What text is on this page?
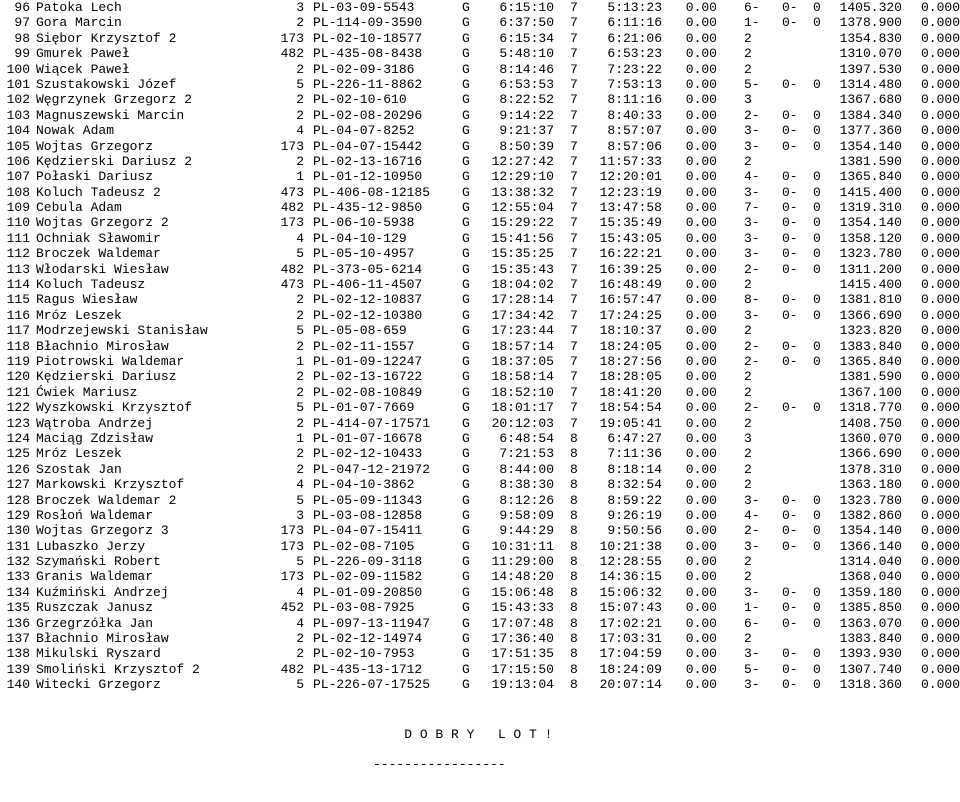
96 Patoka Lech	3 PL-03-09-5543	G	6:15:10 7	5:13:23	0.00 6- 0- 0	1405.320	0.000
97 Gora Marcin	2 PL-114-09-3590	G	6:37:50 7	6:11:16	0.00 1- 0- 0	1378.900	0.000
98 Siębor Krzysztof 2	173 PL-02-10-18577	G	6:15:34 7	6:21:06	0.00 2	1354.830	0.000
99 Gmurek Paweł	482 PL-435-08-8438	G	5:48:10 7	6:53:23	0.00 2	1310.070	0.000
100 Wiącek Paweł	2 PL-02-09-3186	G	8:14:46 7	7:23:22	0.00 2	1397.530	0.000
101 Szustakowski Józef	5 PL-226-11-8862	G	6:53:53 7	7:53:13	0.00 5- 0- 0	1314.480	0.000
102 Węgrzynek Grzegorz 2	2 PL-02-10-610	G	8:22:52 7	8:11:16	0.00 3	1367.680	0.000
103 Magnuszewski Marcin	2 PL-02-08-20296	G	9:14:22 7	8:40:33	0.00 2- 0- 0	1384.340	0.000
104 Nowak Adam	4 PL-04-07-8252	G	9:21:37 7	8:57:07	0.00 3- 0- 0	1377.360	0.000
105 Wojtas Grzegorz	173 PL-04-07-15442	G	8:50:39 7	8:57:06	0.00 3- 0- 0	1354.140	0.000
106 Kędzierski Dariusz 2	2 PL-02-13-16716	G	12:27:42 7	11:57:33	0.00 2	1381.590	0.000
107 Połaski Dariusz	1 PL-01-12-10950	G	12:29:10 7	12:20:01	0.00 4- 0- 0	1365.840	0.000
108 Koluch Tadeusz 2	473 PL-406-08-12185 G	13:38:32 7	12:23:19	0.00 3- 0- 0	1415.400	0.000
109 Cebula Adam	482 PL-435-12-9850	G	12:55:04 7	13:47:58	0.00 7- 0- 0	1319.310	0.000
110 Wojtas Grzegorz 2	173 PL-06-10-5938	G	15:29:22 7	15:35:49	0.00 3- 0- 0	1354.140	0.000
111 Ochniak Sławomir	4 PL-04-10-129	G	15:41:56 7	15:43:05	0.00 3- 0- 0	1358.120	0.000
112 Broczek Waldemar	5 PL-05-10-4957	G	15:35:25 7	16:22:21	0.00 3- 0- 0	1323.780	0.000
113 Włodarski Wiesław	482 PL-373-05-6214	G	15:35:43 7	16:39:25	0.00 2- 0- 0	1311.200	0.000
114 Koluch Tadeusz	473 PL-406-11-4507	G	18:04:02 7	16:48:49	0.00 2	1415.400	0.000
115 Ragus Wiesław	2 PL-02-12-10837	G	17:28:14 7	16:57:47	0.00 8- 0- 0	1381.810	0.000
116 Mróz Leszek	2 PL-02-12-10380	G	17:34:42 7	17:24:25	0.00 3- 0- 0	1366.690	0.000
117 Modrzejewski Stanisław	5 PL-05-08-659	G	17:23:44 7	18:10:37	0.00 2	1323.820	0.000
118 Błachnio Mirosław	2 PL-02-11-1557	G	18:57:14 7	18:24:05	0.00 2- 0- 0	1383.840	0.000
119 Piotrowski Waldemar	1 PL-01-09-12247	G	18:37:05 7	18:27:56	0.00 2- 0- 0	1365.840	0.000
120 Kędzierski Dariusz	2 PL-02-13-16722	G	18:58:14 7	18:28:05	0.00 2	1381.590	0.000
121 Ćwiek Mariusz	2 PL-02-08-10849	G	18:52:10 7	18:41:20	0.00 2	1367.100	0.000
122 Wyszkowski Krzysztof	5 PL-01-07-7669	G	18:01:17 7	18:54:54	0.00 2- 0- 0	1318.770	0.000
123 Wątroba Andrzej	2 PL-414-07-17571 G	20:12:03 7	19:05:41	0.00 2	1408.750	0.000
124 Maciąg Zdzisław	1 PL-01-07-16678	G	6:48:54 8	6:47:27	0.00 3	1360.070	0.000
125 Mróz Leszek	2 PL-02-12-10433	G	7:21:53 8	7:11:36	0.00 2	1366.690	0.000
126 Szostak Jan	2 PL-047-12-21972 G	8:44:00 8	8:18:14	0.00 2	1378.310	0.000
127 Markowski Krzysztof	4 PL-04-10-3862	G	8:38:30 8	8:32:54	0.00 2	1363.180	0.000
128 Broczek Waldemar 2	5 PL-05-09-11343	G	8:12:26 8	8:59:22	0.00 3- 0- 0	1323.780	0.000
129 Rosłoń Waldemar	3 PL-03-08-12858	G	9:58:09 8	9:26:19	0.00 4- 0- 0	1382.860	0.000
130 Wojtas Grzegorz 3	173 PL-04-07-15411	G	9:44:29 8	9:50:56	0.00 2- 0- 0	1354.140	0.000
131 Lubaszko Jerzy	173 PL-02-08-7105	G	10:31:11 8	10:21:38	0.00 3- 0- 0	1366.140	0.000
132 Szymański Robert	5 PL-226-09-3118	G	11:29:00 8	12:28:55	0.00 2	1314.040	0.000
133 Granis Waldemar	173 PL-02-09-11582	G	14:48:20 8	14:36:15	0.00 2	1368.040	0.000
134 Kuźmiński Andrzej	4 PL-01-09-20850	G	15:06:48 8	15:06:32	0.00 3- 0- 0	1359.180	0.000
135 Ruszczak Janusz	452 PL-03-08-7925	G	15:43:33 8	15:07:43	0.00 1- 0- 0	1385.850	0.000
136 Grzegrzółka Jan	4 PL-097-13-11947 G	17:07:48 8	17:02:21	0.00 6- 0- 0	1363.070	0.000
137 Błachnio Mirosław	2 PL-02-12-14974	G	17:36:40 8	17:03:31	0.00 2	1383.840	0.000
138 Mikulski Ryszard	2 PL-02-10-7953	G	17:51:35 8	17:04:59	0.00 3- 0- 0	1393.930	0.000
139 Smoliński Krzysztof 2	482 PL-435-13-1712	G	17:15:50 8	18:24:09	0.00 5- 0- 0	1307.740	0.000
140 Witecki Grzegorz	5 PL-226-07-17525 G	19:13:04 8	20:07:14	0.00 3- 0- 0	1318.360	0.000

D O B R Y   L O T !

-----------------
